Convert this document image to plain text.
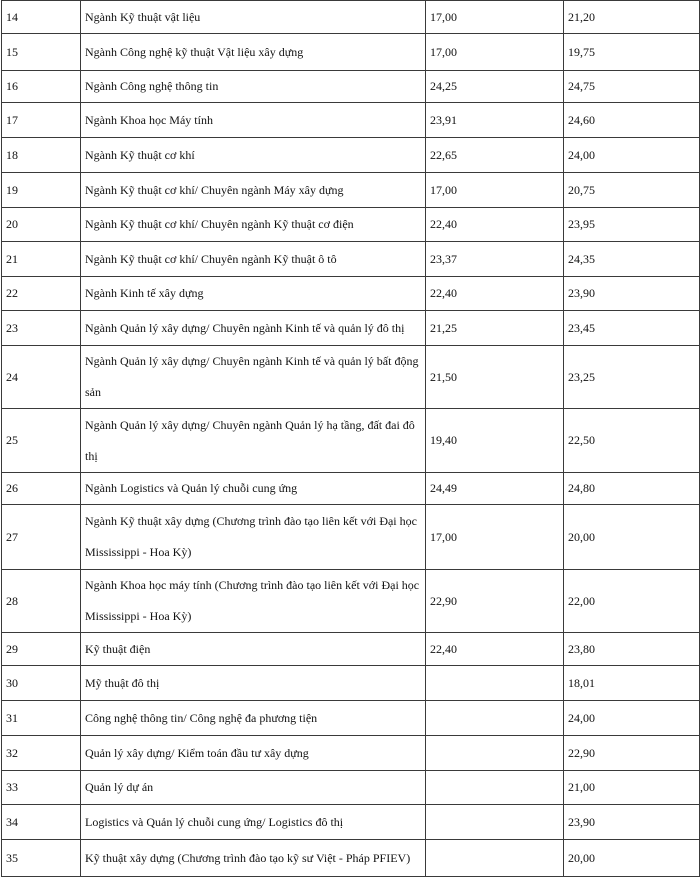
14	Ngành Kỹ thuật vật liệu	17,00	21,20
15	Ngành Công nghệ kỹ thuật Vật liệu xây dựng	17,00	19,75
16	Ngành Công nghệ thông tin	24,25	24,75
17	Ngành Khoa học Máy tính	23,91	24,60
18	Ngành Kỹ thuật cơ khí	22,65	24,00
19	Ngành Kỹ thuật cơ khí/ Chuyên ngành Máy xây dựng	17,00	20,75
20	Ngành Kỹ thuật cơ khí/ Chuyên ngành Kỹ thuật cơ điện	22,40	23,95
21	Ngành Kỹ thuật cơ khí/ Chuyên ngành Kỹ thuật ô tô	23,37	24,35
22	Ngành Kinh tế xây dựng	22,40	23,90
23	Ngành Quản lý xây dựng/ Chuyên ngành Kinh tế và quản lý đô thị	21,25	23,45
24	Ngành Quản lý xây dựng/ Chuyên ngành Kinh tế và quản lý bất động sản	21,50	23,25
25	Ngành Quản lý xây dựng/ Chuyên ngành Quản lý hạ tầng, đất đai đô thị	19,40	22,50
26	Ngành Logistics và Quản lý chuỗi cung ứng	24,49	24,80
27	Ngành Kỹ thuật xây dựng (Chương trình đào tạo liên kết với Đại học Mississippi - Hoa Kỳ)	17,00	20,00
28	Ngành Khoa học máy tính (Chương trình đào tạo liên kết với Đại học Mississippi - Hoa Kỳ)	22,90	22,00
29	Kỹ thuật điện	22,40	23,80
30	Mỹ thuật đô thị		18,01
31	Công nghệ thông tin/ Công nghệ đa phương tiện		24,00
32	Quản lý xây dựng/ Kiểm toán đầu tư xây dựng		22,90
33	Quản lý dự án		21,00
34	Logistics và Quản lý chuỗi cung ứng/ Logistics đô thị		23,90
35	Kỹ thuật xây dựng (Chương trình đào tạo kỹ sư Việt - Pháp PFIEV)		20,00
